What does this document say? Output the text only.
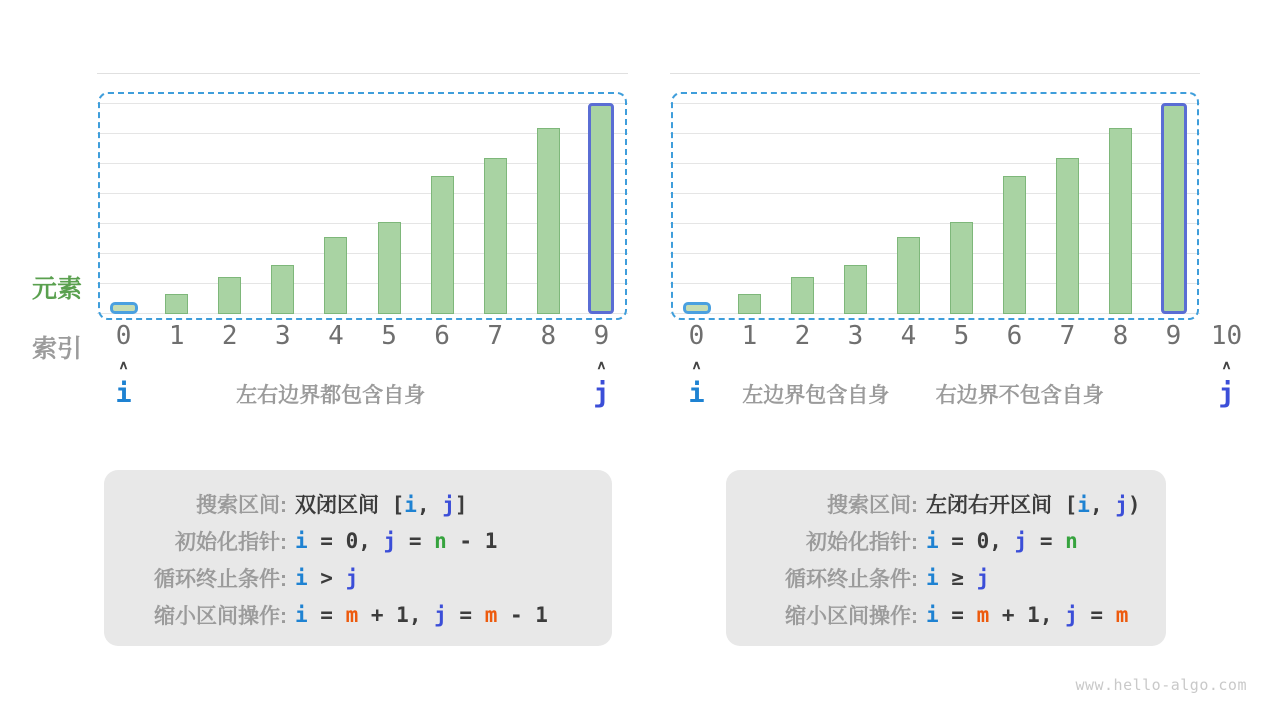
元素
索引	0	1	2	3	4	5	6	7	8	9
∧	∧
i	j
左右边界都包含自身
0	1	2	3	4	5	6	7	8	9	10
∧	∧
i	j
左边界包含自身 右边界不包含自身
搜索区间: 双闭区间 [i, j]
初始化指针: i = 0, j = n - 1
循环终止条件: i > j
缩小区间操作: i = m + 1, j = m - 1
搜索区间: 左闭右开区间 [i, j)
初始化指针: i = 0, j = n
循环终止条件: i ≥ j
缩小区间操作: i = m + 1, j = m
www.hello-algo.com
